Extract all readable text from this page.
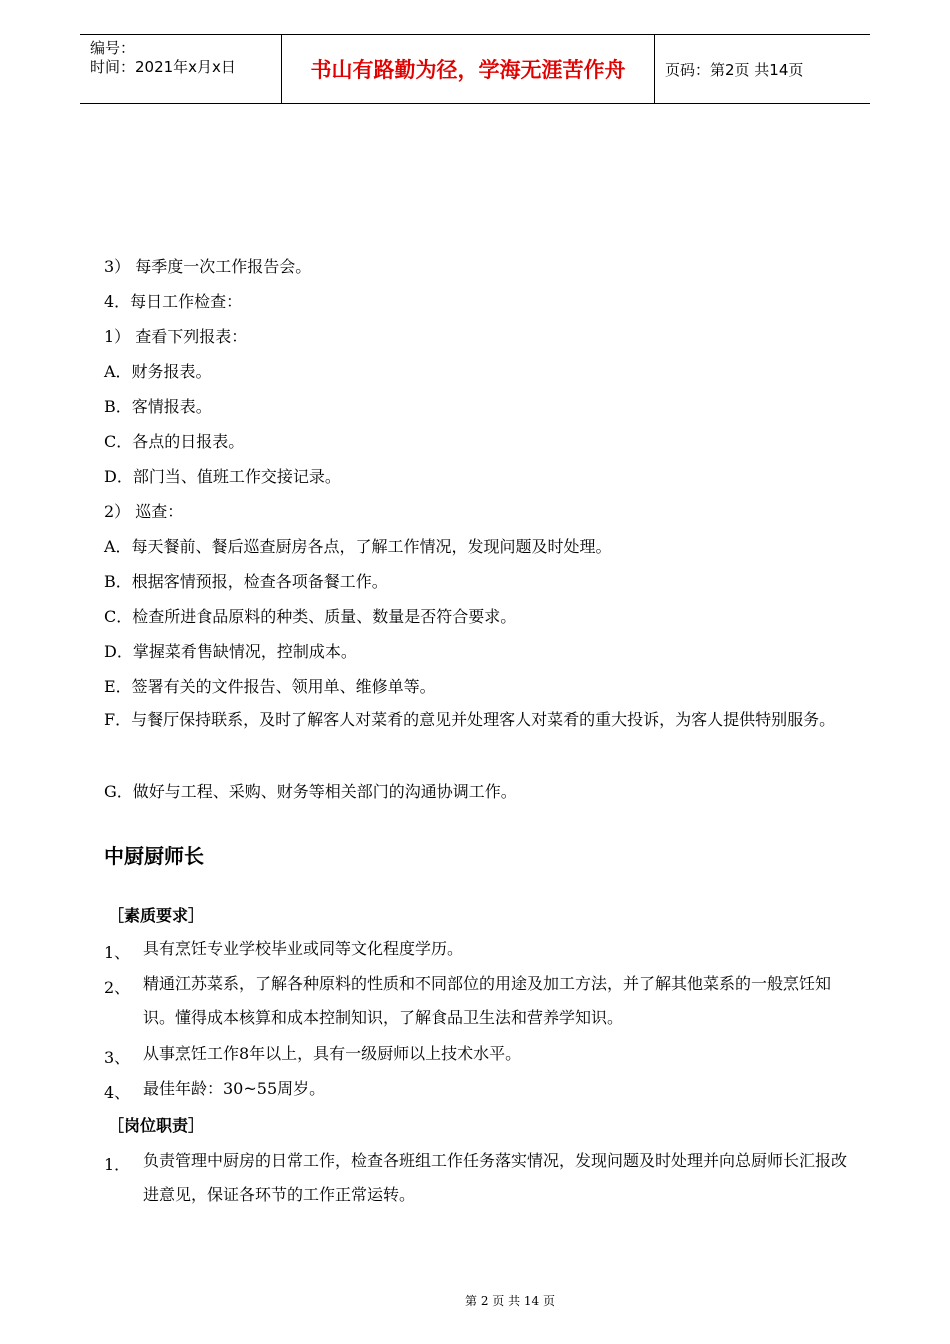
编号：
时间：2021年x月x日	书山有路勤为径，学海无涯苦作舟	页码：第2页 共14页
3） 每季度一次工作报告会。
4．每日工作检查：
1） 查看下列报表：
A．财务报表。
B．客情报表。
C．各点的日报表。
D．部门当、值班工作交接记录。
2） 巡查：
A．每天餐前、餐后巡查厨房各点，了解工作情况，发现问题及时处理。
B．根据客情预报，检查各项备餐工作。
C．检查所进食品原料的种类、质量、数量是否符合要求。
D．掌握菜肴售缺情况，控制成本。
E．签署有关的文件报告、领用单、维修单等。
F．与餐厅保持联系，及时了解客人对菜肴的意见并处理客人对菜肴的重大投诉，为客人提供特别服务。
G．做好与工程、采购、财务等相关部门的沟通协调工作。
中厨厨师长
［素质要求］
1、 具有烹饪专业学校毕业或同等文化程度学历。
2、 精通江苏菜系，了解各种原料的性质和不同部位的用途及加工方法，并了解其他菜系的一般烹饪知识。懂得成本核算和成本控制知识，了解食品卫生法和营养学知识。
3、 从事烹饪工作8年以上，具有一级厨师以上技术水平。
4、 最佳年龄：30~55周岁。
［岗位职责］
1． 负责管理中厨房的日常工作，检查各班组工作任务落实情况，发现问题及时处理并向总厨师长汇报改进意见，保证各环节的工作正常运转。
第 2 页 共 14 页
